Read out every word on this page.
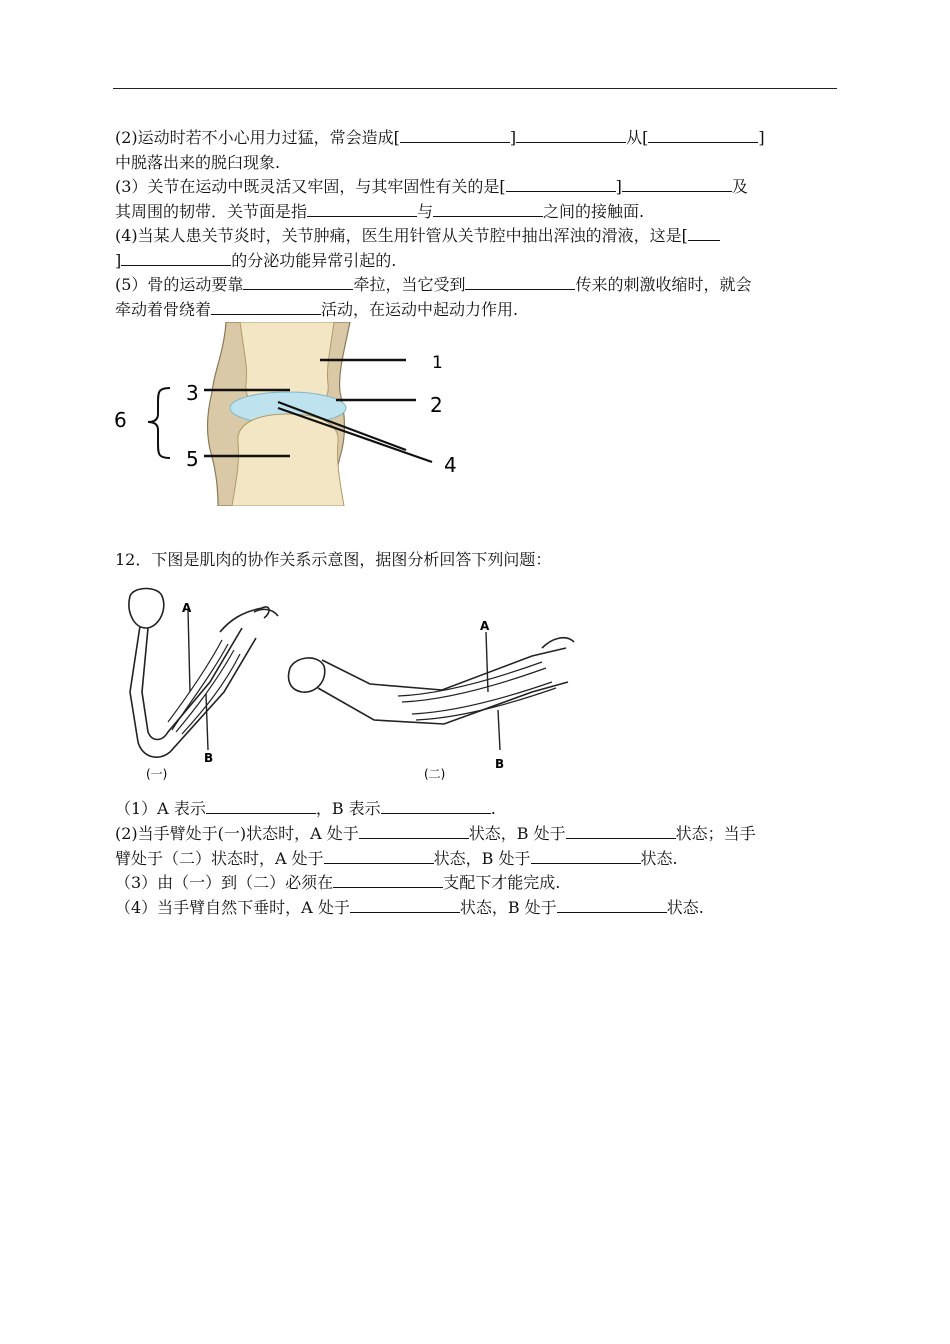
(2)运动时若不小心用力过猛，常会造成[	]	从[	]
中脱落出来的脱臼现象.
(3）关节在运动中既灵活又牢固，与其牢固性有关的是[	]	及
其周围的韧带．关节面是指	与	之间的接触面.
(4)当某人患关节炎时，关节肿痛，医生用针管从关节腔中抽出浑浊的滑液，这是[
]	的分泌功能异常引起的.
(5）骨的运动要靠	牵拉，当它受到	传来的刺激收缩时，就会
牵动着骨绕着	活动，在运动中起动力作用.
1
2
3
4
5
6
12．下图是肌肉的协作关系示意图，据图分析回答下列问题：
A
B
(一)
A
B
(二)
（1）A 表示	，B 表示	.
(2)当手臂处于(一)状态时，A 处于	状态，B 处于	状态；当手
臂处于（二）状态时，A 处于	状态，B 处于	状态.
（3）由（一）到（二）必须在	支配下才能完成.
（4）当手臂自然下垂时，A 处于	状态，B 处于	状态.
